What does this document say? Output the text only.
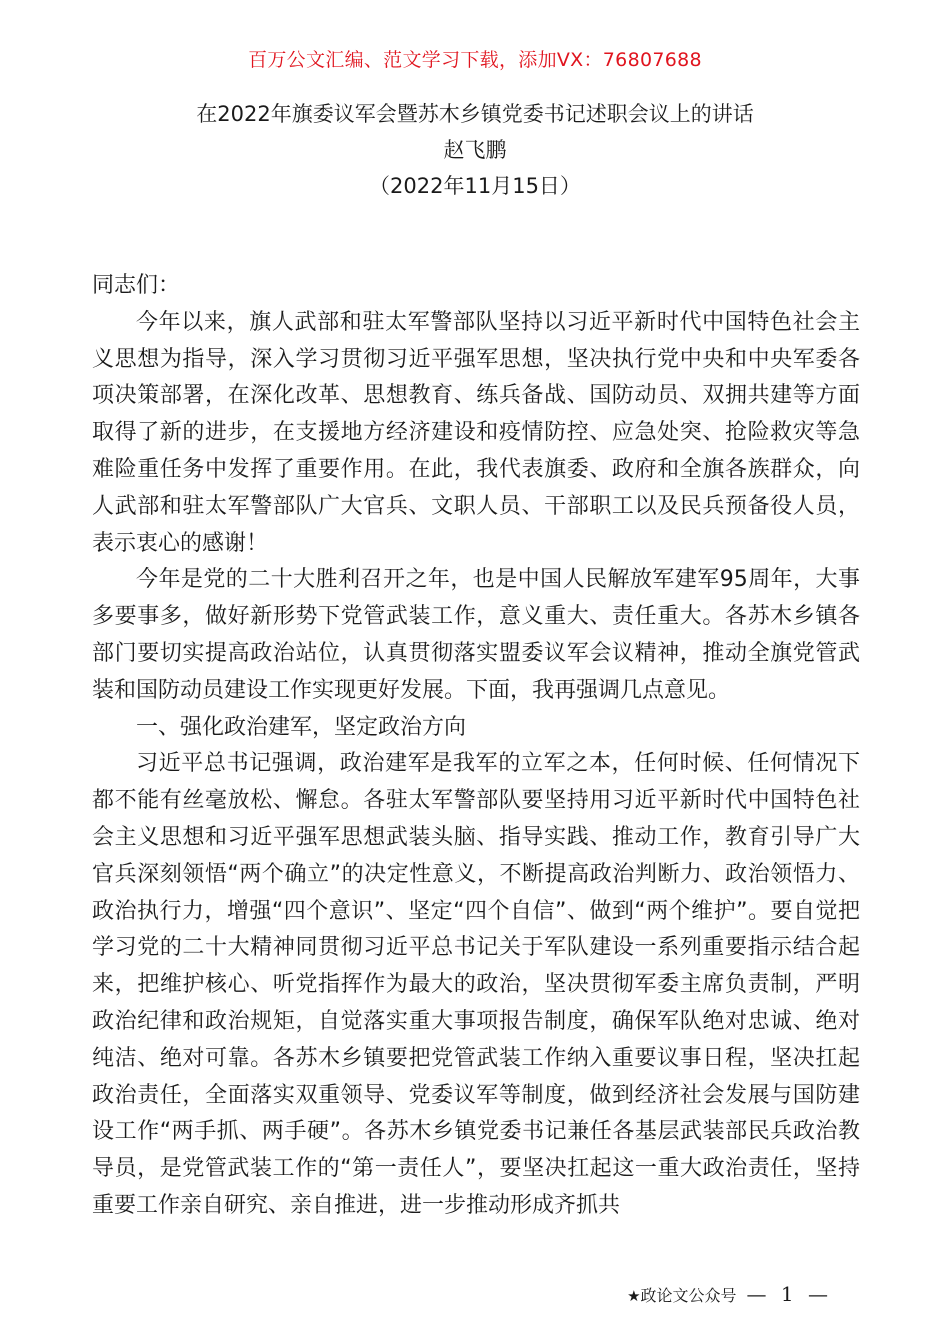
百万公文汇编、范文学习下载，添加VX：76807688
在2022年旗委议军会暨苏木乡镇党委书记述职会议上的讲话
赵飞鹏
（2022年11月15日）

同志们：

今年以来，旗人武部和驻太军警部队坚持以习近平新时代中国特色社会主义思想为指导，深入学习贯彻习近平强军思想，坚决执行党中央和中央军委各项决策部署，在深化改革、思想教育、练兵备战、国防动员、双拥共建等方面取得了新的进步，在支援地方经济建设和疫情防控、应急处突、抢险救灾等急难险重任务中发挥了重要作用。在此，我代表旗委、政府和全旗各族群众，向人武部和驻太军警部队广大官兵、文职人员、干部职工以及民兵预备役人员，表示衷心的感谢！

今年是党的二十大胜利召开之年，也是中国人民解放军建军95周年，大事多要事多，做好新形势下党管武装工作，意义重大、责任重大。各苏木乡镇各部门要切实提高政治站位，认真贯彻落实盟委议军会议精神，推动全旗党管武装和国防动员建设工作实现更好发展。下面，我再强调几点意见。

一、强化政治建军，坚定政治方向

习近平总书记强调，政治建军是我军的立军之本，任何时候、任何情况下都不能有丝毫放松、懈怠。各驻太军警部队要坚持用习近平新时代中国特色社会主义思想和习近平强军思想武装头脑、指导实践、推动工作，教育引导广大官兵深刻领悟“两个确立”的决定性意义，不断提高政治判断力、政治领悟力、政治执行力，增强“四个意识”、坚定“四个自信”、做到“两个维护”。要自觉把学习党的二十大精神同贯彻习近平总书记关于军队建设一系列重要指示结合起来，把维护核心、听党指挥作为最大的政治，坚决贯彻军委主席负责制，严明政治纪律和政治规矩，自觉落实重大事项报告制度，确保军队绝对忠诚、绝对纯洁、绝对可靠。各苏木乡镇要把党管武装工作纳入重要议事日程，坚决扛起政治责任，全面落实双重领导、党委议军等制度，做到经济社会发展与国防建设工作“两手抓、两手硬”。各苏木乡镇党委书记兼任各基层武装部民兵政治教导员，是党管武装工作的“第一责任人”，要坚决扛起这一重大政治责任，坚持重要工作亲自研究、亲自推进，进一步推动形成齐抓共

★政论文公众号 — 1 —
